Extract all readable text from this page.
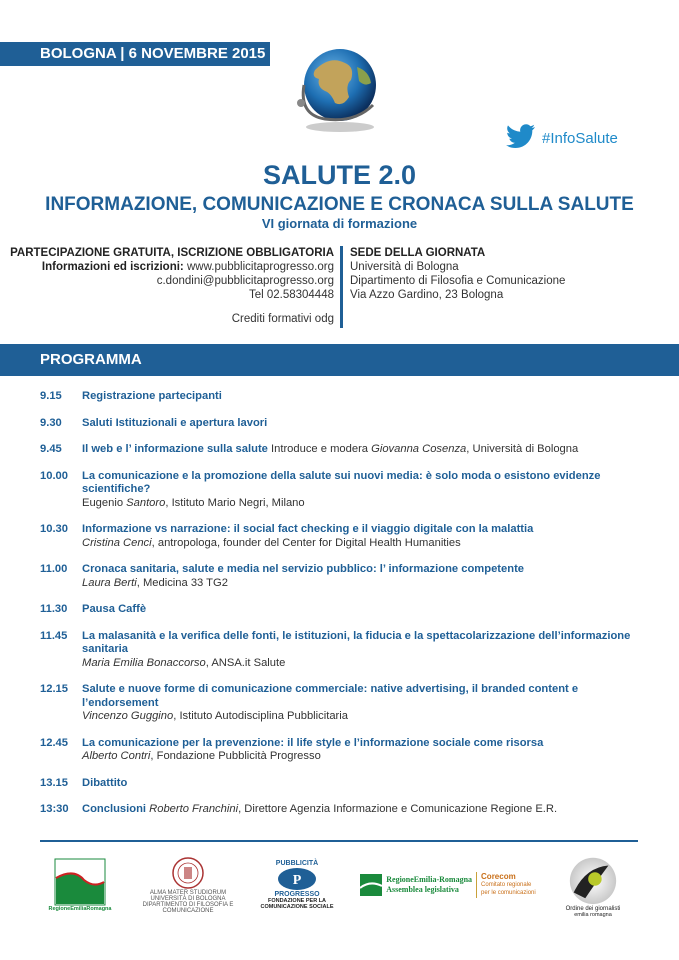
BOLOGNA | 6 NOVEMBRE 2015
#InfoSalute
SALUTE 2.0
INFORMAZIONE, COMUNICAZIONE E CRONACA SULLA SALUTE
VI giornata di formazione
PARTECIPAZIONE GRATUITA, ISCRIZIONE OBBLIGATORIA
Informazioni ed iscrizioni: www.pubblicitaprogresso.org
c.dondini@pubblicitaprogresso.org
Tel 02.58304448
Crediti formativi odg
SEDE DELLA GIORNATA
Università di Bologna
Dipartimento di Filosofia e Comunicazione
Via Azzo Gardino, 23 Bologna
PROGRAMMA
9.15	Registrazione partecipanti
9.30	Saluti Istituzionali e apertura lavori
9.45	Il web e l’ informazione sulla salute Introduce e modera Giovanna Cosenza, Università di Bologna
10.00	La comunicazione e la promozione della salute sui nuovi media: è solo moda o esistono evidenze scientifiche?
Eugenio Santoro, Istituto Mario Negri, Milano
10.30	Informazione vs narrazione: il social fact checking e il viaggio digitale con la malattia
Cristina Cenci, antropologa, founder del Center for Digital Health Humanities
11.00	Cronaca sanitaria, salute e media nel servizio pubblico: l’ informazione competente
Laura Berti, Medicina 33 TG2
11.30	Pausa Caffè
11.45	La malasanità e la verifica delle fonti, le istituzioni, la fiducia e la spettacolarizzazione dell’informazione sanitaria
Maria Emilia Bonaccorso, ANSA.it Salute
12.15	Salute e nuove forme di comunicazione commerciale: native advertising, il branded content e l’endorsement
Vincenzo Guggino, Istituto Autodisciplina Pubblicitaria
12.45	La comunicazione per la prevenzione: il life style e l’informazione sociale come risorsa
Alberto Contri, Fondazione Pubblicità Progresso
13.15	Dibattito
13:30	Conclusioni Roberto Franchini, Direttore Agenzia Informazione e Comunicazione Regione E.R.
RegioneEmiliaRomagna
ALMA MATER STUDIORUM
UNIVERSITÀ DI BOLOGNA
DIPARTIMENTO DI FILOSOFIA E COMUNICAZIONE
PUBBLICITÀ
P
PROGRESSO
FONDAZIONE PER LA
COMUNICAZIONE SOCIALE
RegioneEmilia-Romagna
Assemblea legislativa
Corecom
Comitato regionale
per le comunicazioni
Ordine dei giornalisti
emilia romagna
